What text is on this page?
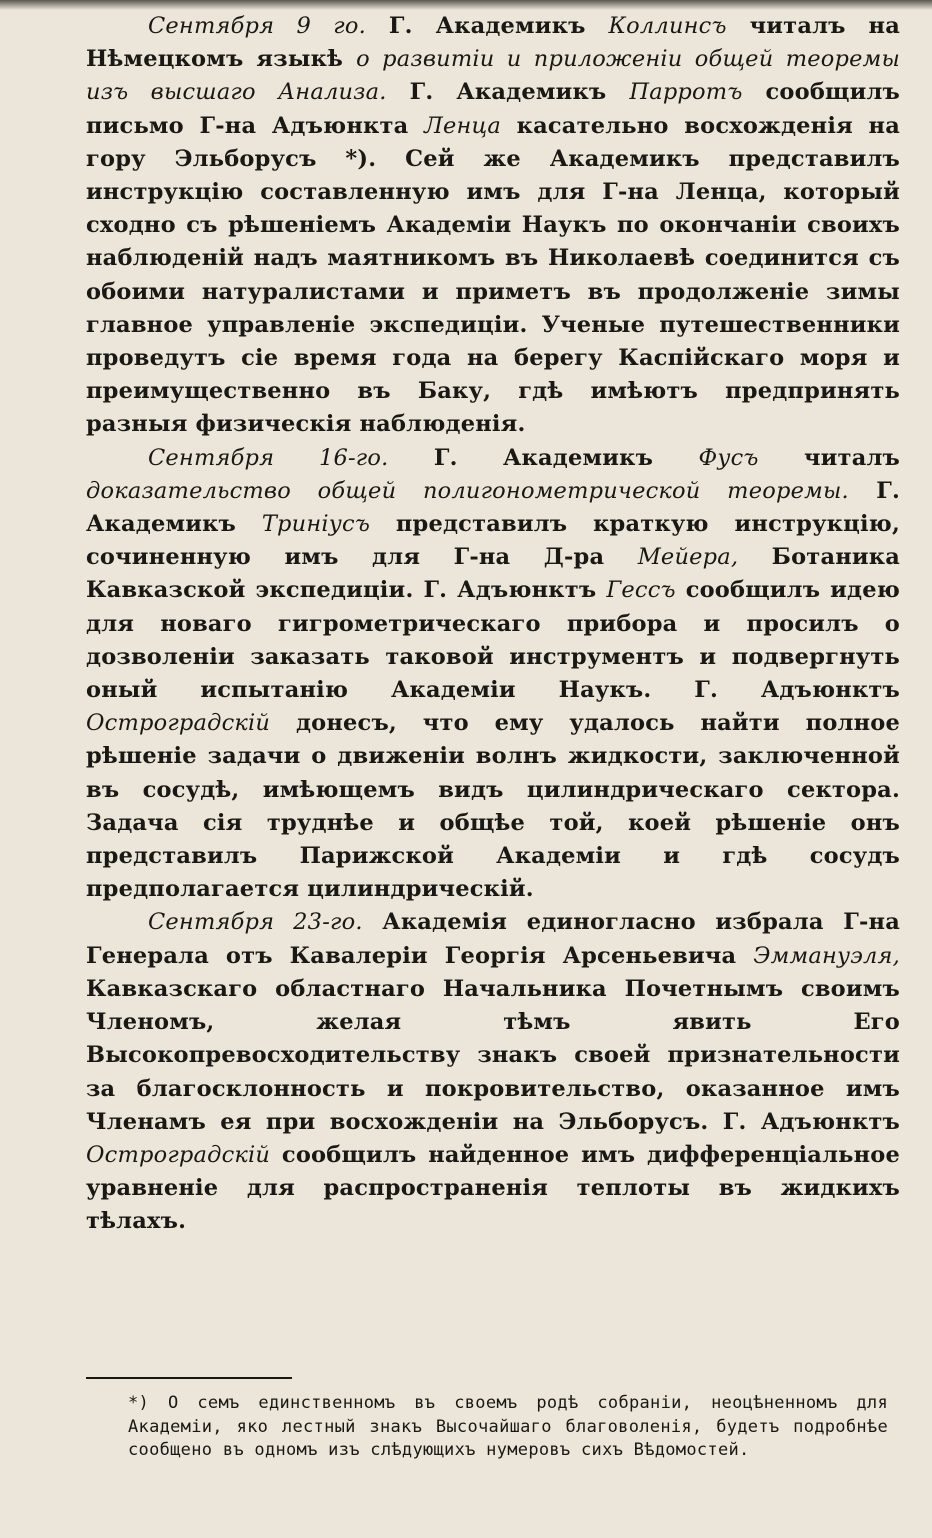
Сентября 9 го. Г. Академикъ Коллинсъ читалъ на Нѣмецкомъ языкѣ о развитіи и приложеніи общей теоремы изъ высшаго Анализа. Г. Академикъ Парротъ сообщилъ письмо Г-на Адъюнкта Ленца касательно восхожденія на гору Эльборусъ *). Сей же Академикъ представилъ инструкцію составленную имъ для Г-на Ленца, который сходно съ рѣшеніемъ Академіи Наукъ по окончаніи своихъ наблюденій надъ маятникомъ въ Николаевѣ соединится съ обоими натуралистами и приметъ въ продолженіе зимы главное управленіе экспедиціи. Ученые путешественники проведутъ сіе время года на берегу Каспійскаго моря и преимущественно въ Баку, гдѣ имѣютъ предпринять разныя физическія наблюденія.

Сентября 16-го. Г. Академикъ Фусъ читалъ доказательство общей полигонометрической теоремы. Г. Академикъ Триніусъ представилъ краткую инструкцію, сочиненную имъ для Г-на Д-ра Мейера, Ботаника Кавказской экспедиціи. Г. Адъюнктъ Гессъ сообщилъ идею для новаго гигрометрическаго прибора и просилъ о дозволеніи заказать таковой инструментъ и подвергнуть оный испытанію Академіи Наукъ. Г. Адъюнктъ Остроградскій донесъ, что ему удалось найти полное рѣшеніе задачи о движеніи волнъ жидкости, заключенной въ сосудѣ, имѣющемъ видъ цилиндрическаго сектора. Задача сія труднѣе и общѣе той, коей рѣшеніе онъ представилъ Парижской Академіи и гдѣ сосудъ предполагается цилиндрическій.

Сентября 23-го. Академія единогласно избрала Г-на Генерала отъ Кавалеріи Георгія Арсеньевича Эммануэля, Кавказскаго областнаго Начальника Почетнымъ своимъ Членомъ, желая тѣмъ явить Его Высокопревосходительству знакъ своей признательности за благосклонность и покровительство, оказанное имъ Членамъ ея при восхожденіи на Эльборусъ. Г. Адъюнктъ Остроградскій сообщилъ найденное имъ дифференціальное уравненіе для распространенія теплоты въ жидкихъ тѣлахъ.

*) О семъ единственномъ въ своемъ родѣ собраніи, неоцѣненномъ для Академіи, яко лестный знакъ Высочайшаго благоволенія, будетъ подробнѣе сообщено въ одномъ изъ слѣдующихъ нумеровъ сихъ Вѣдомостей.
